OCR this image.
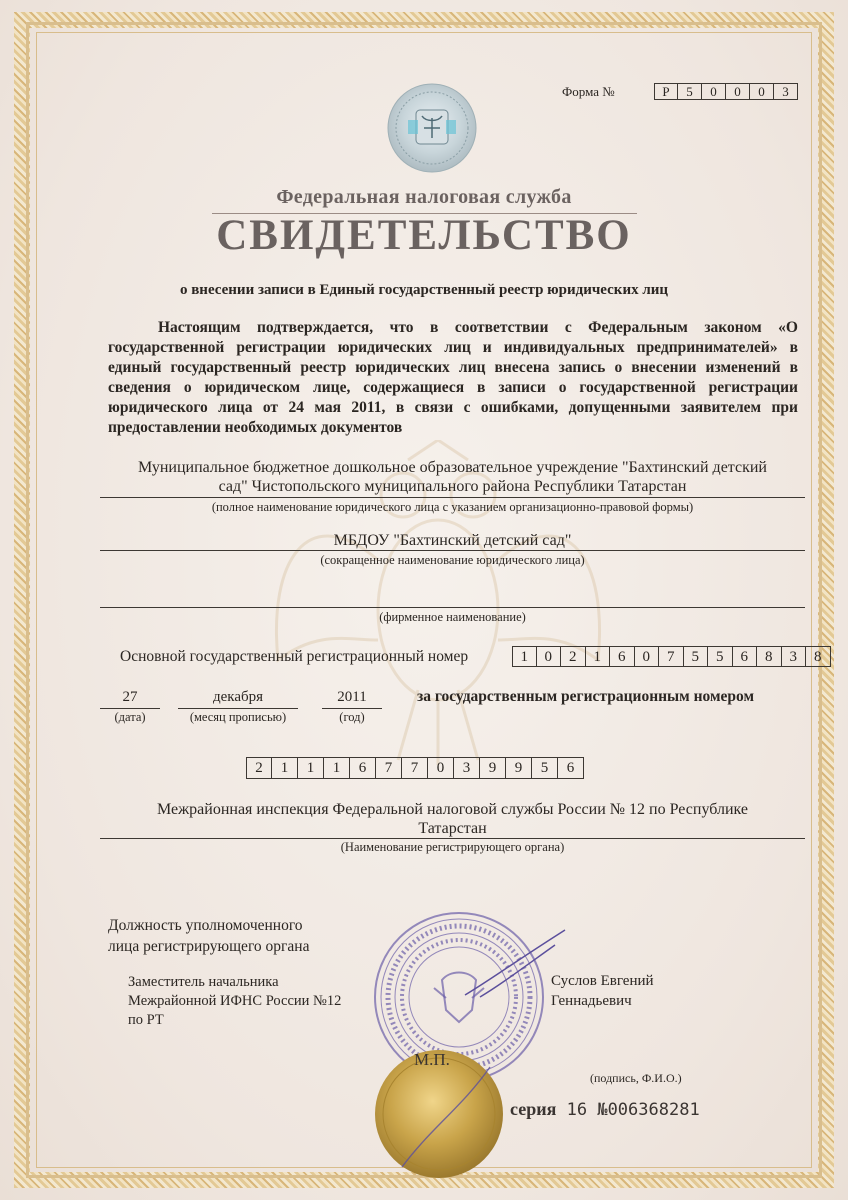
Форма №	Р	5	0	0	0	3
Федеральная налоговая служба
СВИДЕТЕЛЬСТВО
о внесении записи в Единый государственный реестр юридических лиц
Настоящим подтверждается, что в соответствии с Федеральным законом «О государственной регистрации юридических лиц и индивидуальных предпринимателей» в единый государственный реестр юридических лиц внесена запись о внесении изменений в сведения о юридическом лице, содержащиеся в записи о государственной регистрации юридического лица от 24 мая 2011, в связи с ошибками, допущенными заявителем при предоставлении необходимых документов
Муниципальное бюджетное дошкольное образовательное учреждение "Бахтинский детский
сад" Чистопольского муниципального района Республики Татарстан
(полное наименование юридического лица с указанием организационно-правовой формы)
МБДОУ "Бахтинский детский сад"
(сокращенное наименование юридического лица)
(фирменное наименование)
Основной государственный регистрационный номер	1	0	2	1	6	0	7	5	5	6	8	3	8
27
(дата)
декабря
(месяц прописью)
2011
(год)
за государственным регистрационным номером
2	1	1	1	6	7	7	0	3	9	9	5	6
Межрайонная инспекция Федеральной налоговой службы России № 12 по Республике
Татарстан
(Наименование регистрирующего органа)
Должность уполномоченного
лица регистрирующего органа
Заместитель начальника
Межрайонной ИФНС России №12
по РТ
Суслов Евгений
Геннадьевич
(подпись, Ф.И.О.)
М.П.
серия 16 №006368281
